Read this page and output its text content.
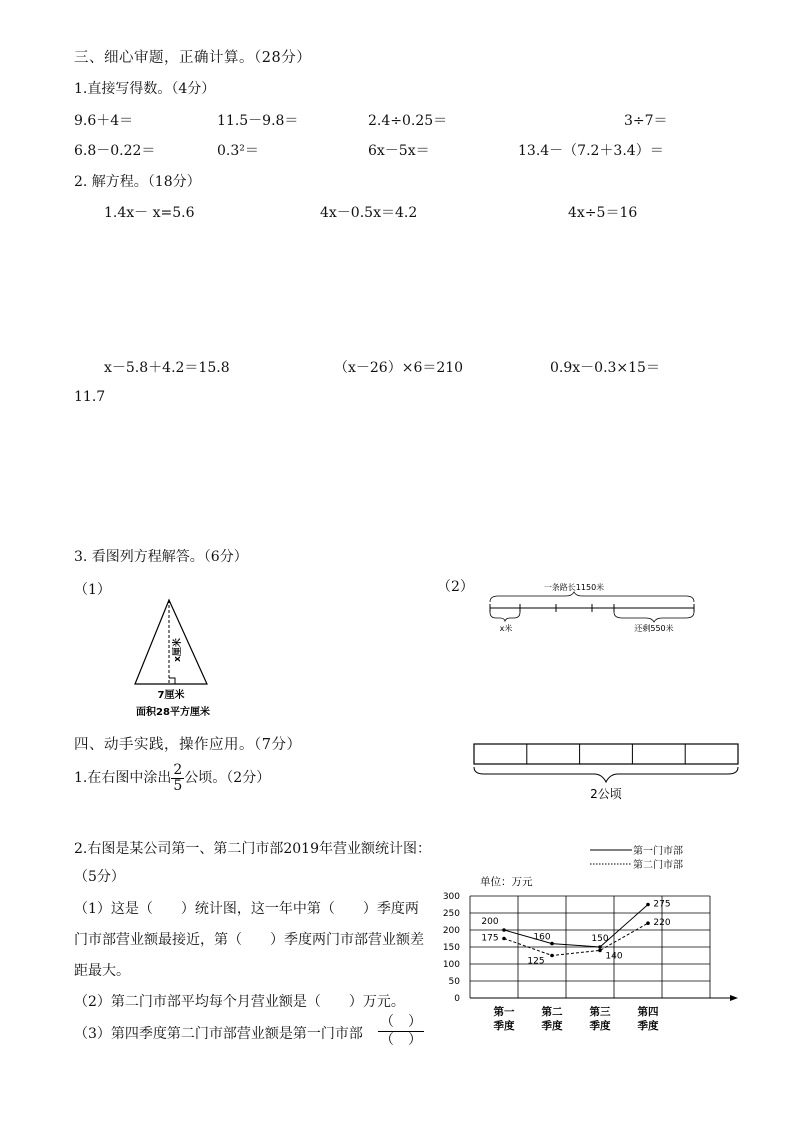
三、细心审题，正确计算。（28分）
1.直接写得数。（4分）
9.6＋4＝	11.5－9.8＝	2.4÷0.25＝	3÷7＝
6.8－0.22＝	0.3²＝	6x－5x＝	13.4－（7.2＋3.4）＝
2. 解方程。（18分）
1.4x－ x=5.6	4x－0.5x＝4.2	4x÷5＝16
x－5.8＋4.2＝15.8	（x－26）×6＝210	0.9x－0.3×15＝
11.7
3. 看图列方程解答。（6分）
（1）	（2）
x厘米
7厘米
面积28平方厘米
一条路长1150米
x米	还剩550米
四、动手实践，操作应用。（7分）
1.在右图中涂出 $\frac{2}{5}$ 公顷。（2分）
2公顷
2.右图是某公司第一、第二门市部2019年营业额统计图：
（5分）
（1）这是（　　）统计图，这一年中第（　　）季度两
门市部营业额最接近，第（　　）季度两门市部营业额差
距最大。
（2）第二门市部平均每个月营业额是（　　）万元。
（3）第四季度第二门市部营业额是第一门市部 $\frac{( )}{( )}$
第一门市部
第二门市部
单位：万元
300
250
200
150
100
50
0
第一
季度
第二
季度
第三
季度
第四
季度
200
160	150
275
175
125
140
220
